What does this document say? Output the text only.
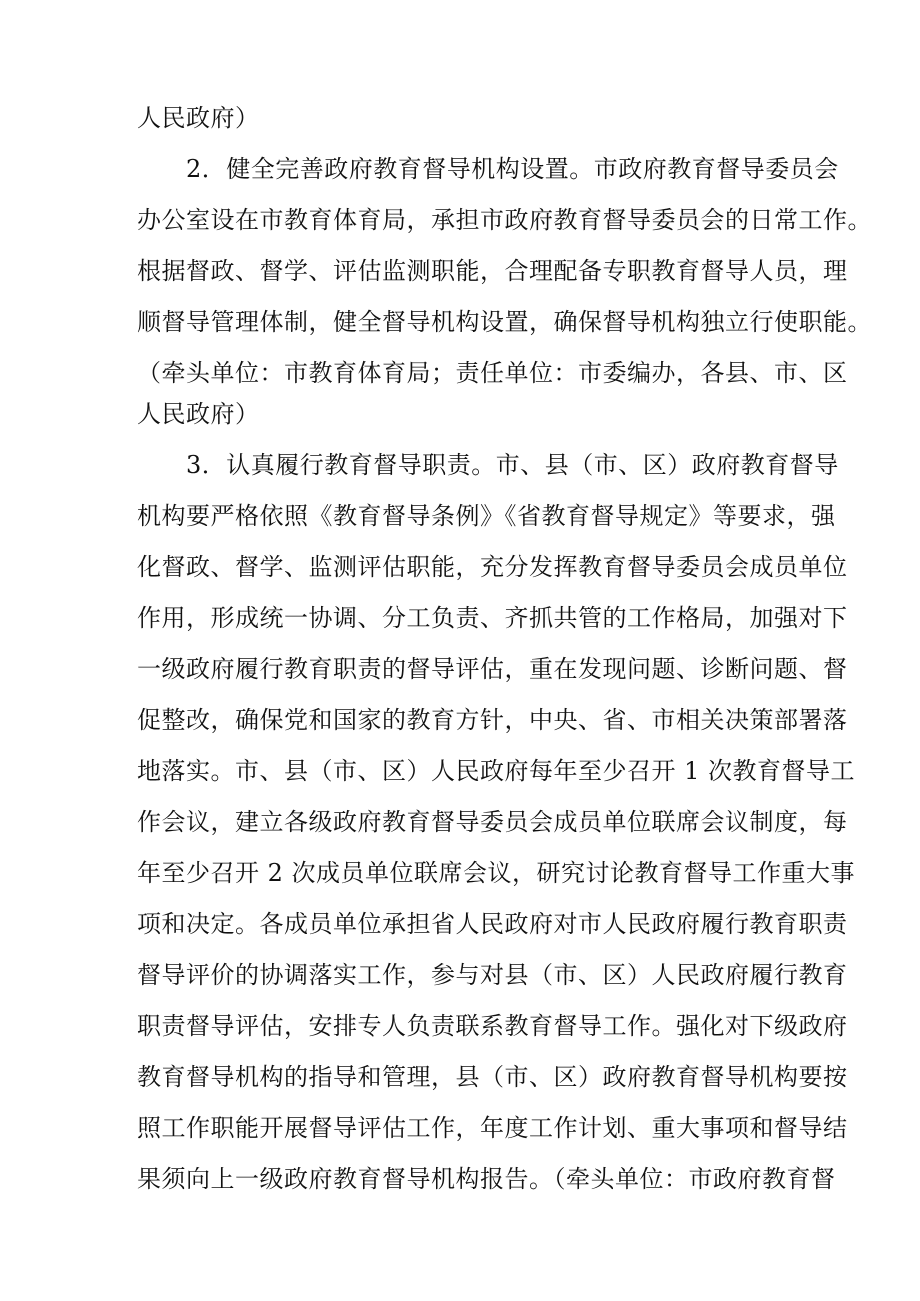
人民政府）
2．健全完善政府教育督导机构设置。市政府教育督导委员会
办公室设在市教育体育局，承担市政府教育督导委员会的日常工作。
根据督政、督学、评估监测职能，合理配备专职教育督导人员，理
顺督导管理体制，健全督导机构设置，确保督导机构独立行使职能。
（牵头单位：市教育体育局；责任单位：市委编办，各县、市、区
人民政府）
3．认真履行教育督导职责。市、县（市、区）政府教育督导
机构要严格依照《教育督导条例》《省教育督导规定》等要求，强
化督政、督学、监测评估职能，充分发挥教育督导委员会成员单位
作用，形成统一协调、分工负责、齐抓共管的工作格局，加强对下
一级政府履行教育职责的督导评估，重在发现问题、诊断问题、督
促整改，确保党和国家的教育方针，中央、省、市相关决策部署落
地落实。市、县（市、区）人民政府每年至少召开 1 次教育督导工
作会议，建立各级政府教育督导委员会成员单位联席会议制度，每
年至少召开 2 次成员单位联席会议，研究讨论教育督导工作重大事
项和决定。各成员单位承担省人民政府对市人民政府履行教育职责
督导评价的协调落实工作，参与对县（市、区）人民政府履行教育
职责督导评估，安排专人负责联系教育督导工作。强化对下级政府
教育督导机构的指导和管理，县（市、区）政府教育督导机构要按
照工作职能开展督导评估工作，年度工作计划、重大事项和督导结
果须向上一级政府教育督导机构报告。（牵头单位：市政府教育督
